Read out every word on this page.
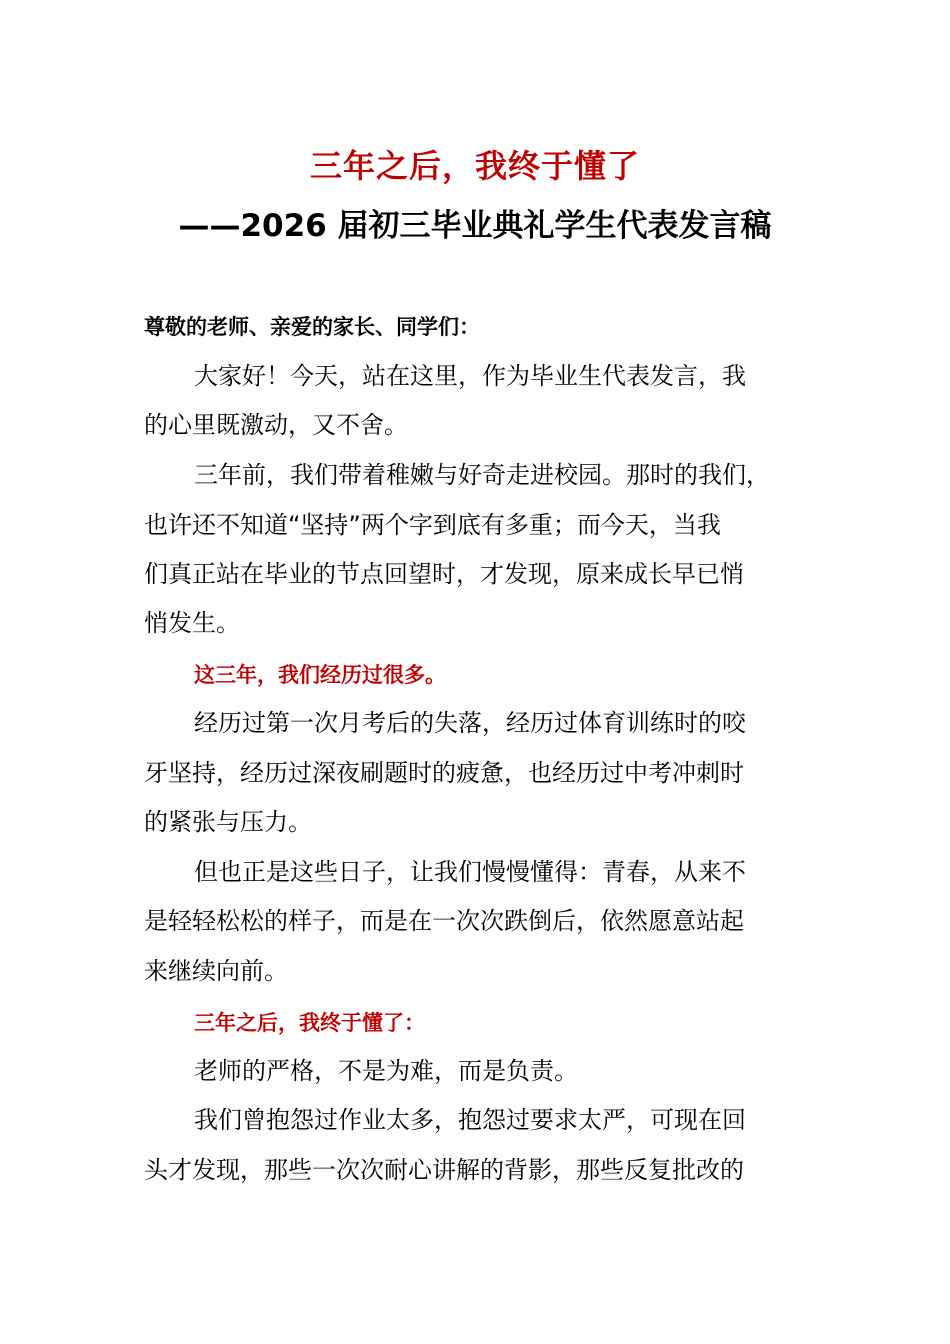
三年之后，我终于懂了
——2026 届初三毕业典礼学生代表发言稿

尊敬的老师、亲爱的家长、同学们：

大家好！今天，站在这里，作为毕业生代表发言，我

的心里既激动，又不舍。

三年前，我们带着稚嫩与好奇走进校园。那时的我们，

也许还不知道“坚持”两个字到底有多重；而今天，当我

们真正站在毕业的节点回望时，才发现，原来成长早已悄

悄发生。

这三年，我们经历过很多。

经历过第一次月考后的失落，经历过体育训练时的咬

牙坚持，经历过深夜刷题时的疲惫，也经历过中考冲刺时

的紧张与压力。

但也正是这些日子，让我们慢慢懂得：青春，从来不

是轻轻松松的样子，而是在一次次跌倒后，依然愿意站起

来继续向前。

三年之后，我终于懂了：

老师的严格，不是为难，而是负责。

我们曾抱怨过作业太多，抱怨过要求太严，可现在回

头才发现，那些一次次耐心讲解的背影，那些反复批改的
